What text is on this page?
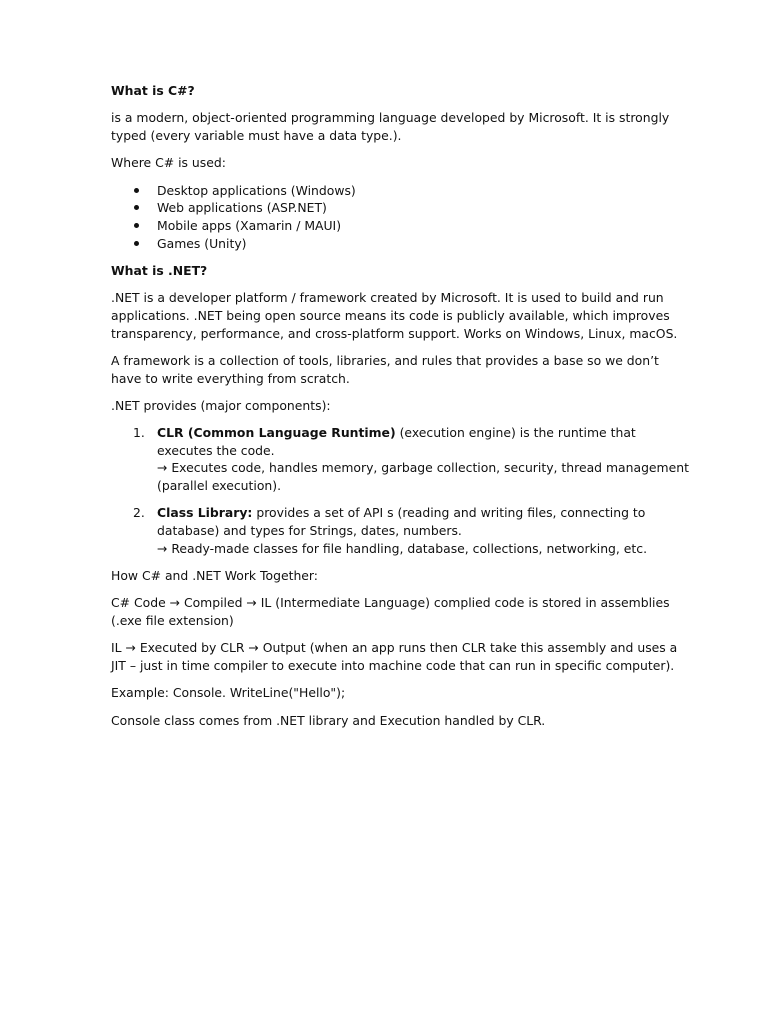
What is C#?

is a modern, object-oriented programming language developed by Microsoft. It is strongly typed (every variable must have a data type.).

Where C# is used:

Desktop applications (Windows)
Web applications (ASP.NET)
Mobile apps (Xamarin / MAUI)
Games (Unity)

What is .NET?

.NET is a developer platform / framework created by Microsoft. It is used to build and run applications. .NET being open source means its code is publicly available, which improves transparency, performance, and cross-platform support. Works on Windows, Linux, macOS.

A framework is a collection of tools, libraries, and rules that provides a base so we don’t have to write everything from scratch.

.NET provides (major components):

1. CLR (Common Language Runtime) (execution engine) is the runtime that executes the code.
→ Executes code, handles memory, garbage collection, security, thread management (parallel execution).
2. Class Library: provides a set of API s (reading and writing files, connecting to database) and types for Strings, dates, numbers.
→ Ready-made classes for file handling, database, collections, networking, etc.

How C# and .NET Work Together:

C# Code → Compiled → IL (Intermediate Language) complied code is stored in assemblies (.exe file extension)

IL → Executed by CLR → Output (when an app runs then CLR take this assembly and uses a JIT – just in time compiler to execute into machine code that can run in specific computer).

Example: Console. WriteLine("Hello");

Console class comes from .NET library and Execution handled by CLR.
